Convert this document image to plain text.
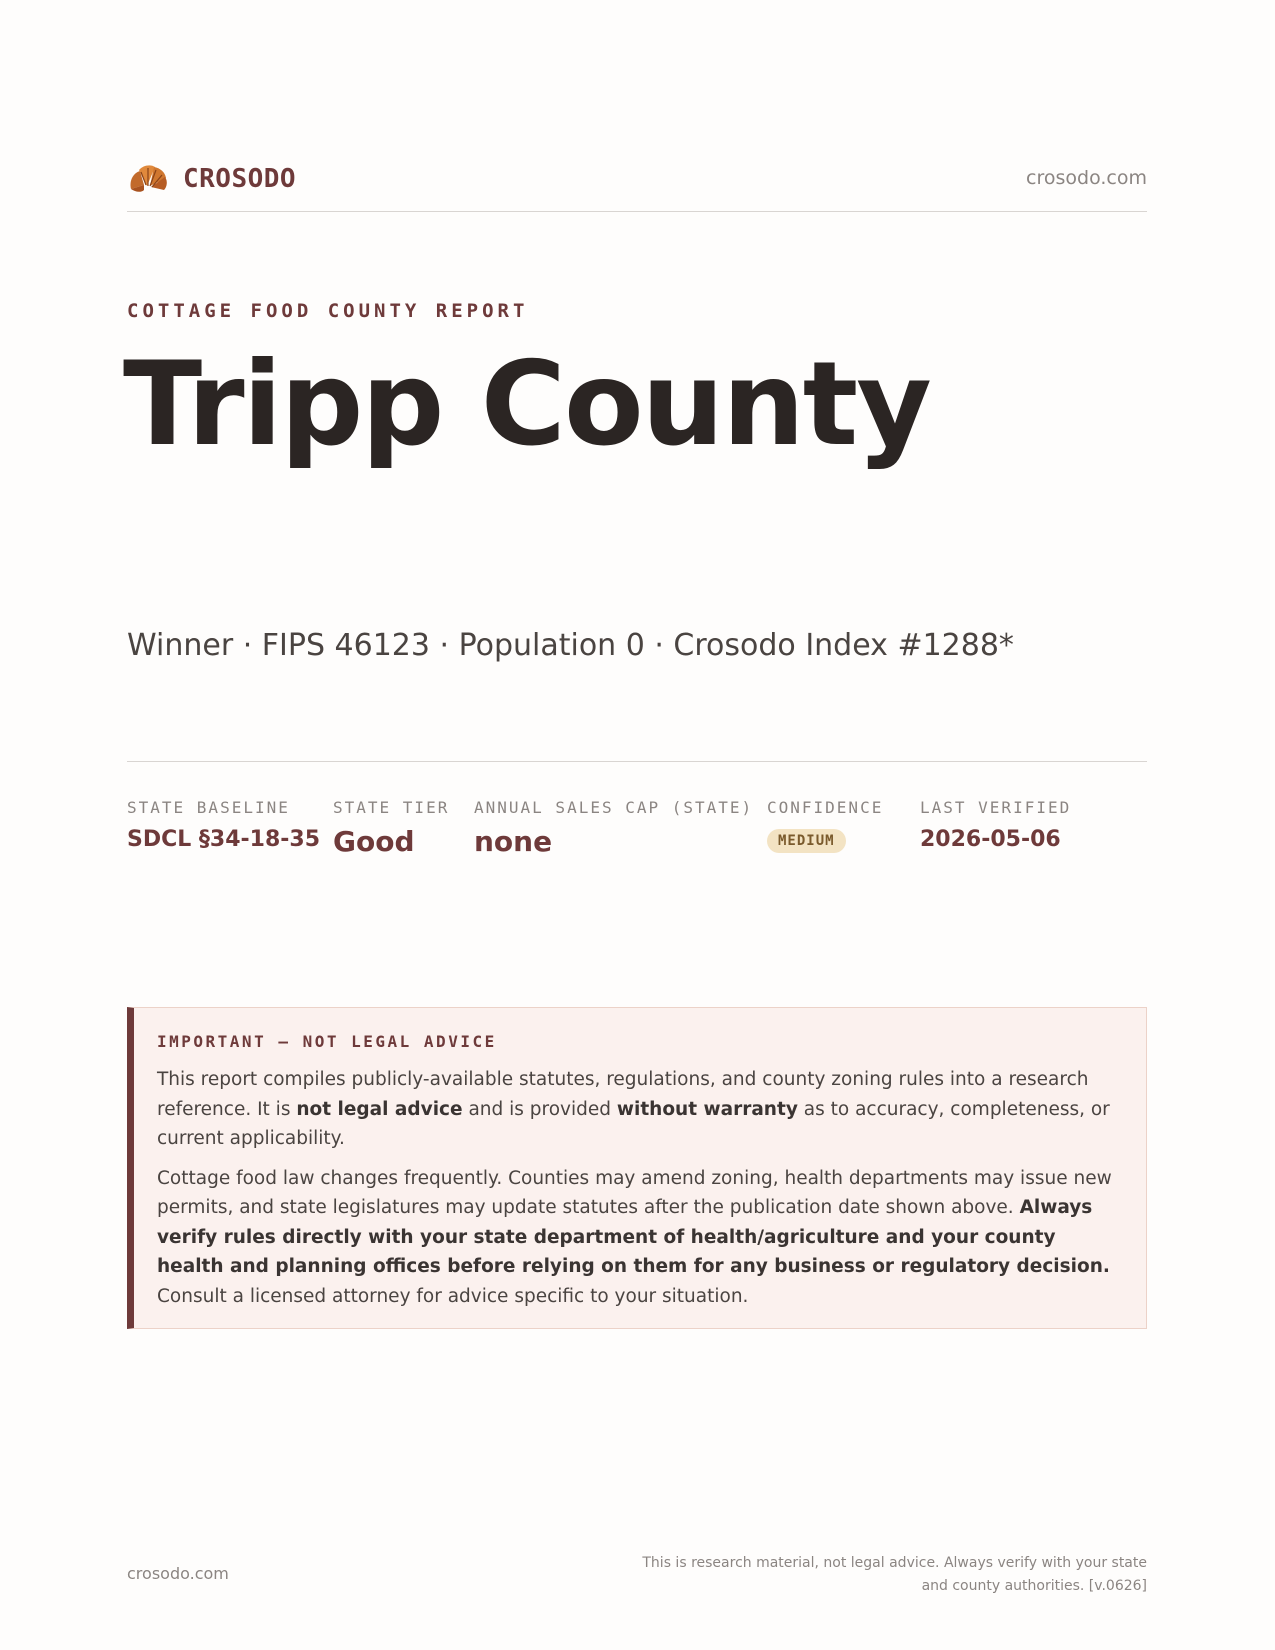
CROSODO	crosodo.com
COTTAGE FOOD COUNTY REPORT
Tripp County
Winner · FIPS 46123 · Population 0 · Crosodo Index #1288*
STATE BASELINE
SDCL §34-18-35
STATE TIER
Good
ANNUAL SALES CAP (STATE)
none
CONFIDENCE
MEDIUM
LAST VERIFIED
2026-05-06
IMPORTANT — NOT LEGAL ADVICE

This report compiles publicly-available statutes, regulations, and county zoning rules into a research reference. It is not legal advice and is provided without warranty as to accuracy, completeness, or current applicability.

Cottage food law changes frequently. Counties may amend zoning, health departments may issue new permits, and state legislatures may update statutes after the publication date shown above. Always verify rules directly with your state department of health/agriculture and your county health and planning offices before relying on them for any business or regulatory decision. Consult a licensed attorney for advice specific to your situation.

crosodo.com
This is research material, not legal advice. Always verify with your state
and county authorities. [v.0626]
